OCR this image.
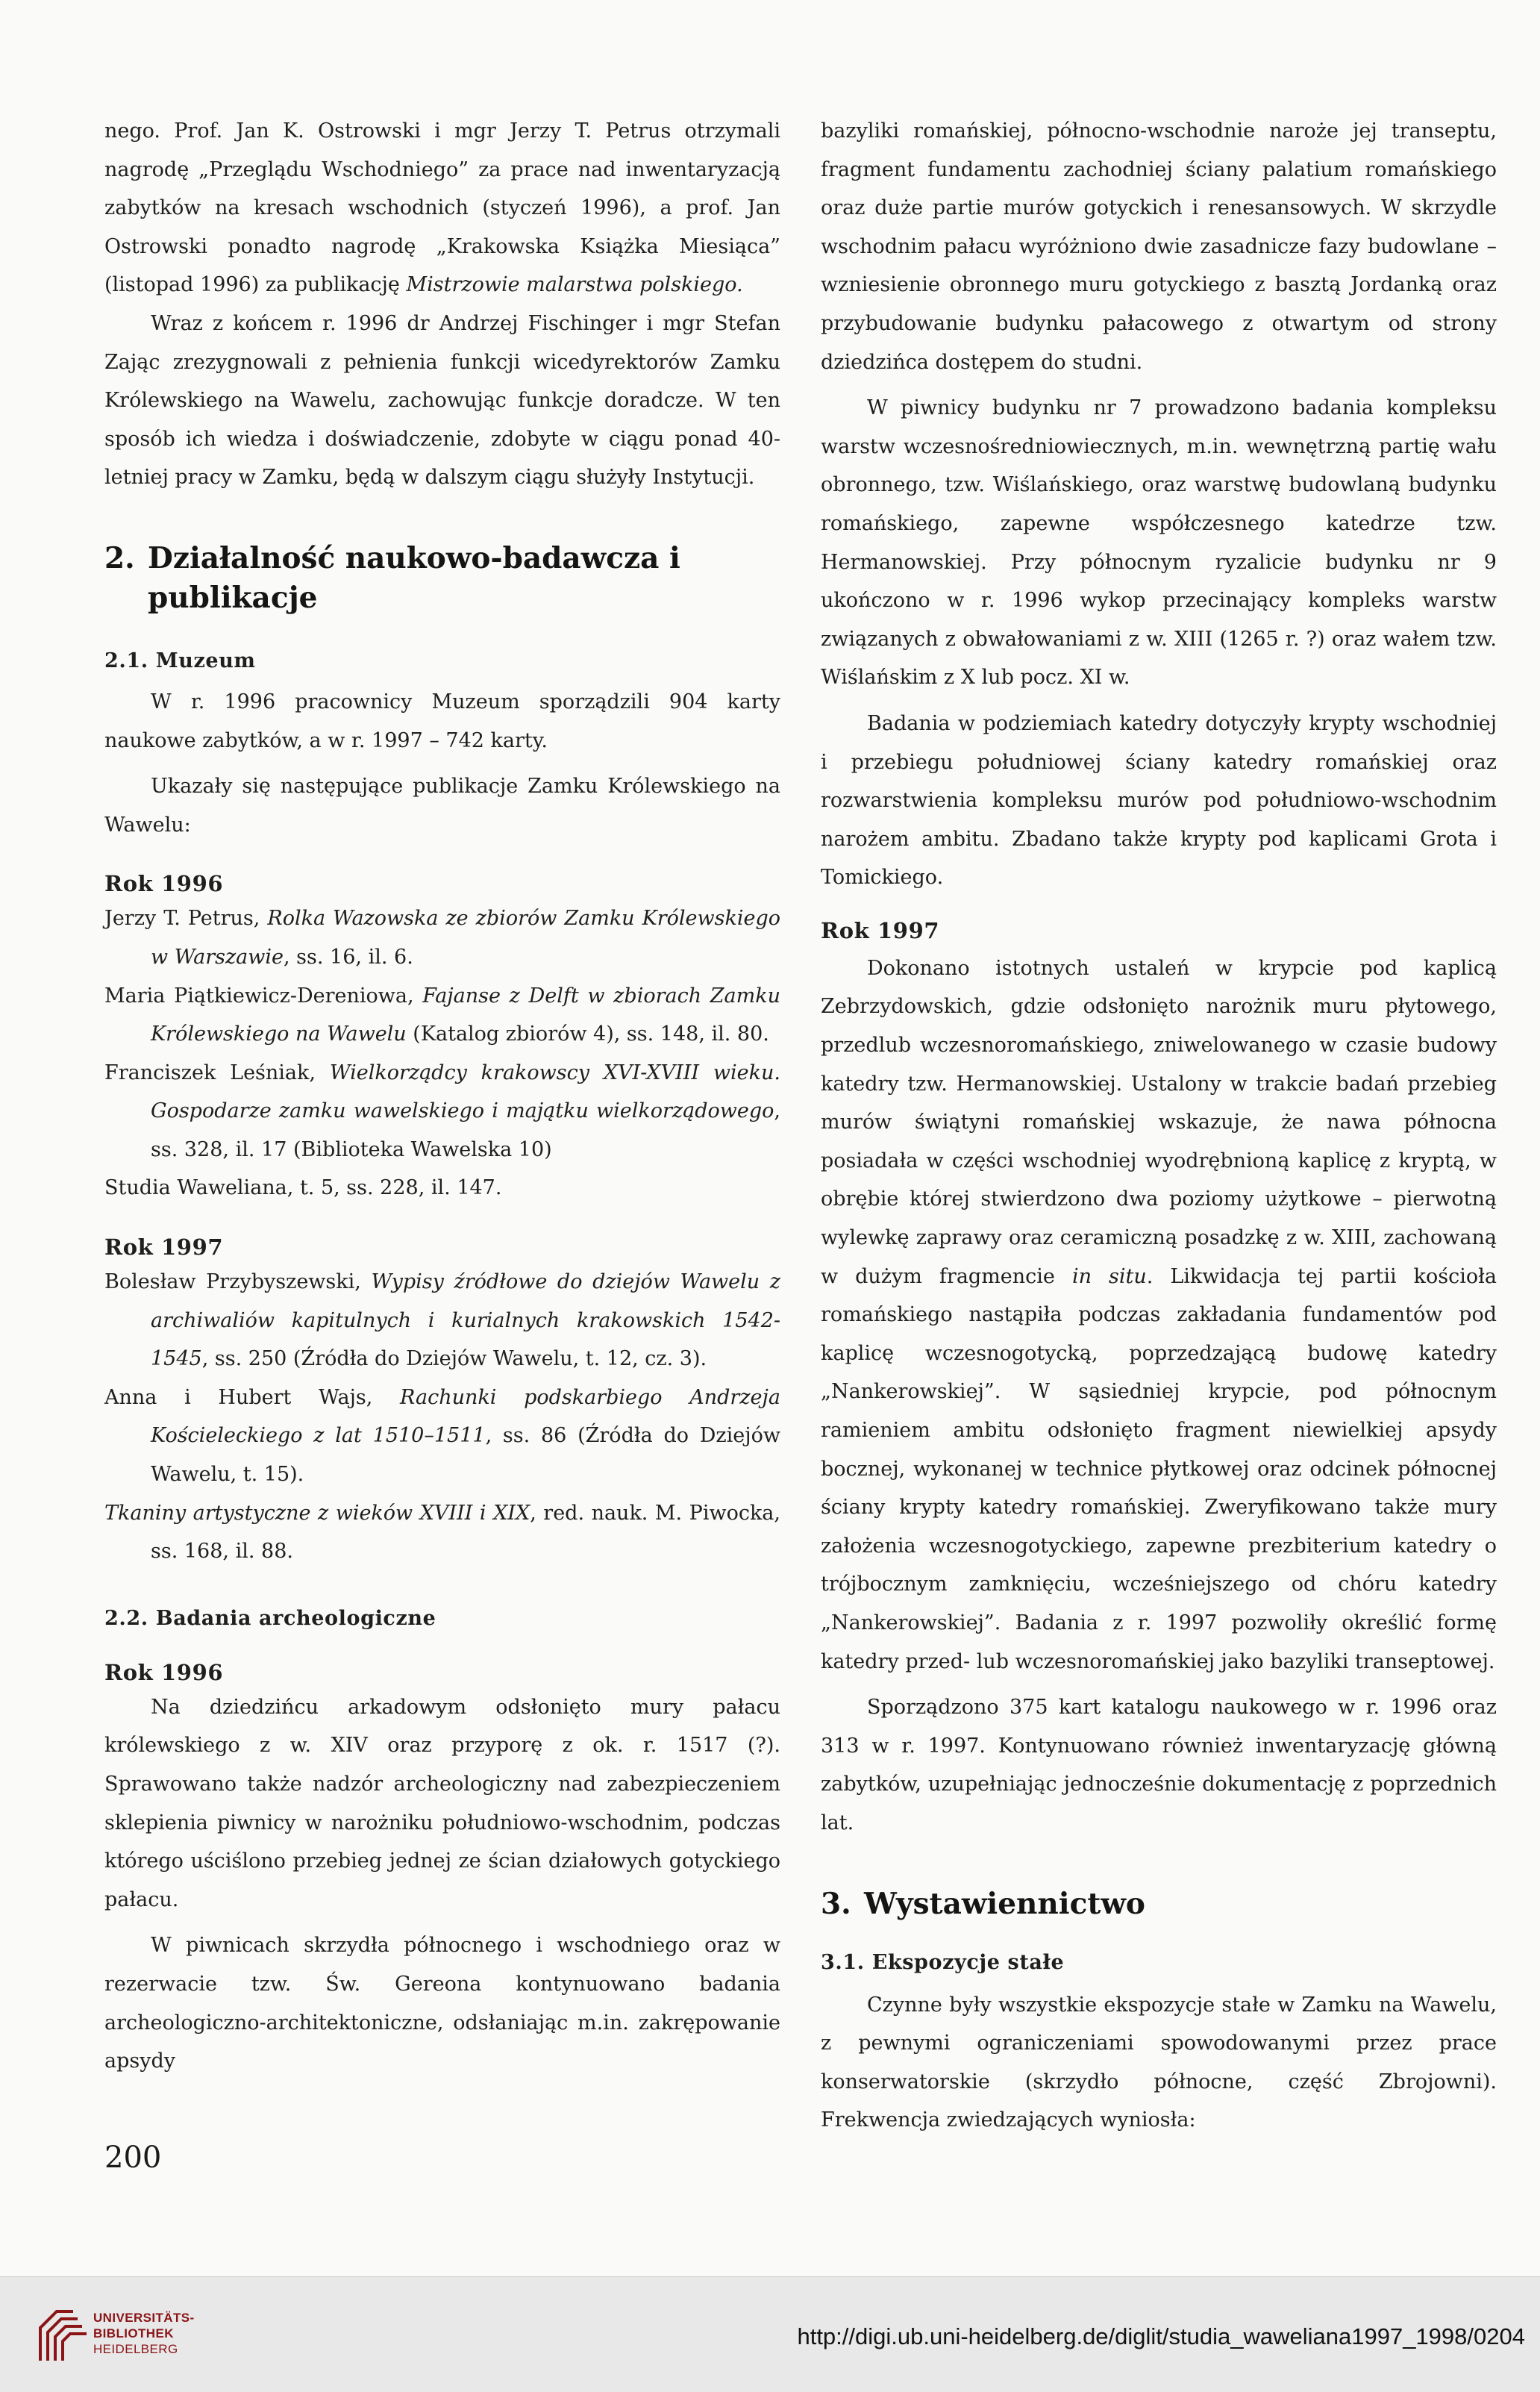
nego. Prof. Jan K. Ostrowski i mgr Jerzy T. Petrus otrzymali nagrodę „Przeglądu Wschodniego” za prace nad inwentaryzacją zabytków na kresach wschodnich (styczeń 1996), a prof. Jan Ostrowski ponadto nagrodę „Krakowska Książka Miesiąca” (listopad 1996) za publikację Mistrzowie malarstwa polskiego.

Wraz z końcem r. 1996 dr Andrzej Fischinger i mgr Stefan Zając zrezygnowali z pełnienia funkcji wicedyrektorów Zamku Królewskiego na Wawelu, zachowując funkcje doradcze. W ten sposób ich wiedza i doświadczenie, zdobyte w ciągu ponad 40-letniej pracy w Zamku, będą w dalszym ciągu służyły Instytucji.

2. Działalność naukowo-badawcza i publikacje

2.1. Muzeum

W r. 1996 pracownicy Muzeum sporządzili 904 karty naukowe zabytków, a w r. 1997 – 742 karty.

Ukazały się następujące publikacje Zamku Królewskiego na Wawelu:

Rok 1996

Jerzy T. Petrus, Rolka Wazowska ze zbiorów Zamku Królewskiego w Warszawie, ss. 16, il. 6.

Maria Piątkiewicz-Dereniowa, Fajanse z Delft w zbiorach Zamku Królewskiego na Wawelu (Katalog zbiorów 4), ss. 148, il. 80.

Franciszek Leśniak, Wielkorządcy krakowscy XVI-XVIII wieku. Gospodarze zamku wawelskiego i majątku wielkorządowego, ss. 328, il. 17 (Biblioteka Wawelska 10)

Studia Waweliana, t. 5, ss. 228, il. 147.

Rok 1997

Bolesław Przybyszewski, Wypisy źródłowe do dziejów Wawelu z archiwaliów kapitulnych i kurialnych krakowskich 1542-1545, ss. 250 (Źródła do Dziejów Wawelu, t. 12, cz. 3).

Anna i Hubert Wajs, Rachunki podskarbiego Andrzeja Kościeleckiego z lat 1510–1511, ss. 86 (Źródła do Dziejów Wawelu, t. 15).

Tkaniny artystyczne z wieków XVIII i XIX, red. nauk. M. Piwocka, ss. 168, il. 88.

2.2. Badania archeologiczne

Rok 1996

Na dziedzińcu arkadowym odsłonięto mury pałacu królewskiego z w. XIV oraz przyporę z ok. r. 1517 (?). Sprawowano także nadzór archeologiczny nad zabezpieczeniem sklepienia piwnicy w narożniku południowo-wschodnim, podczas którego uściślono przebieg jednej ze ścian działowych gotyckiego pałacu.

W piwnicach skrzydła północnego i wschodniego oraz w rezerwacie tzw. Św. Gereona kontynuowano badania archeologiczno-architektoniczne, odsłaniając m.in. zakrępowanie apsydy

bazyliki romańskiej, północno-wschodnie naroże jej transeptu, fragment fundamentu zachodniej ściany palatium romańskiego oraz duże partie murów gotyckich i renesansowych. W skrzydle wschodnim pałacu wyróżniono dwie zasadnicze fazy budowlane – wzniesienie obronnego muru gotyckiego z basztą Jordanką oraz przybudowanie budynku pałacowego z otwartym od strony dziedzińca dostępem do studni.

W piwnicy budynku nr 7 prowadzono badania kompleksu warstw wczesnośredniowiecznych, m.in. wewnętrzną partię wału obronnego, tzw. Wiślańskiego, oraz warstwę budowlaną budynku romańskiego, zapewne współczesnego katedrze tzw. Hermanowskiej. Przy północnym ryzalicie budynku nr 9 ukończono w r. 1996 wykop przecinający kompleks warstw związanych z obwałowaniami z w. XIII (1265 r. ?) oraz wałem tzw. Wiślańskim z X lub pocz. XI w.

Badania w podziemiach katedry dotyczyły krypty wschodniej i przebiegu południowej ściany katedry romańskiej oraz rozwarstwienia kompleksu murów pod południowo-wschodnim narożem ambitu. Zbadano także krypty pod kaplicami Grota i Tomickiego.

Rok 1997

Dokonano istotnych ustaleń w krypcie pod kaplicą Zebrzydowskich, gdzie odsłonięto narożnik muru płytowego, przedlub wczesnoromańskiego, zniwelowanego w czasie budowy katedry tzw. Hermanowskiej. Ustalony w trakcie badań przebieg murów świątyni romańskiej wskazuje, że nawa północna posiadała w części wschodniej wyodrębnioną kaplicę z kryptą, w obrębie której stwierdzono dwa poziomy użytkowe – pierwotną wylewkę zaprawy oraz ceramiczną posadzkę z w. XIII, zachowaną w dużym fragmencie in situ. Likwidacja tej partii kościoła romańskiego nastąpiła podczas zakładania fundamentów pod kaplicę wczesnogotycką, poprzedzającą budowę katedry „Nankerowskiej”. W sąsiedniej krypcie, pod północnym ramieniem ambitu odsłonięto fragment niewielkiej apsydy bocznej, wykonanej w technice płytkowej oraz odcinek północnej ściany krypty katedry romańskiej. Zweryfikowano także mury założenia wczesnogotyckiego, zapewne prezbiterium katedry o trójbocznym zamknięciu, wcześniejszego od chóru katedry „Nankerowskiej”. Badania z r. 1997 pozwoliły określić formę katedry przed- lub wczesnoromańskiej jako bazyliki transeptowej.

Sporządzono 375 kart katalogu naukowego w r. 1996 oraz 313 w r. 1997. Kontynuowano również inwentaryzację główną zabytków, uzupełniając jednocześnie dokumentację z poprzednich lat.

3. Wystawiennictwo

3.1. Ekspozycje stałe

Czynne były wszystkie ekspozycje stałe w Zamku na Wawelu, z pewnymi ograniczeniami spowodowanymi przez prace konserwatorskie (skrzydło północne, część Zbrojowni). Frekwencja zwiedzających wyniosła:

200
UNIVERSITÄTS-
BIBLIOTHEK
HEIDELBERG	http://digi.ub.uni-heidelberg.de/diglit/studia_waweliana1997_1998/0204
